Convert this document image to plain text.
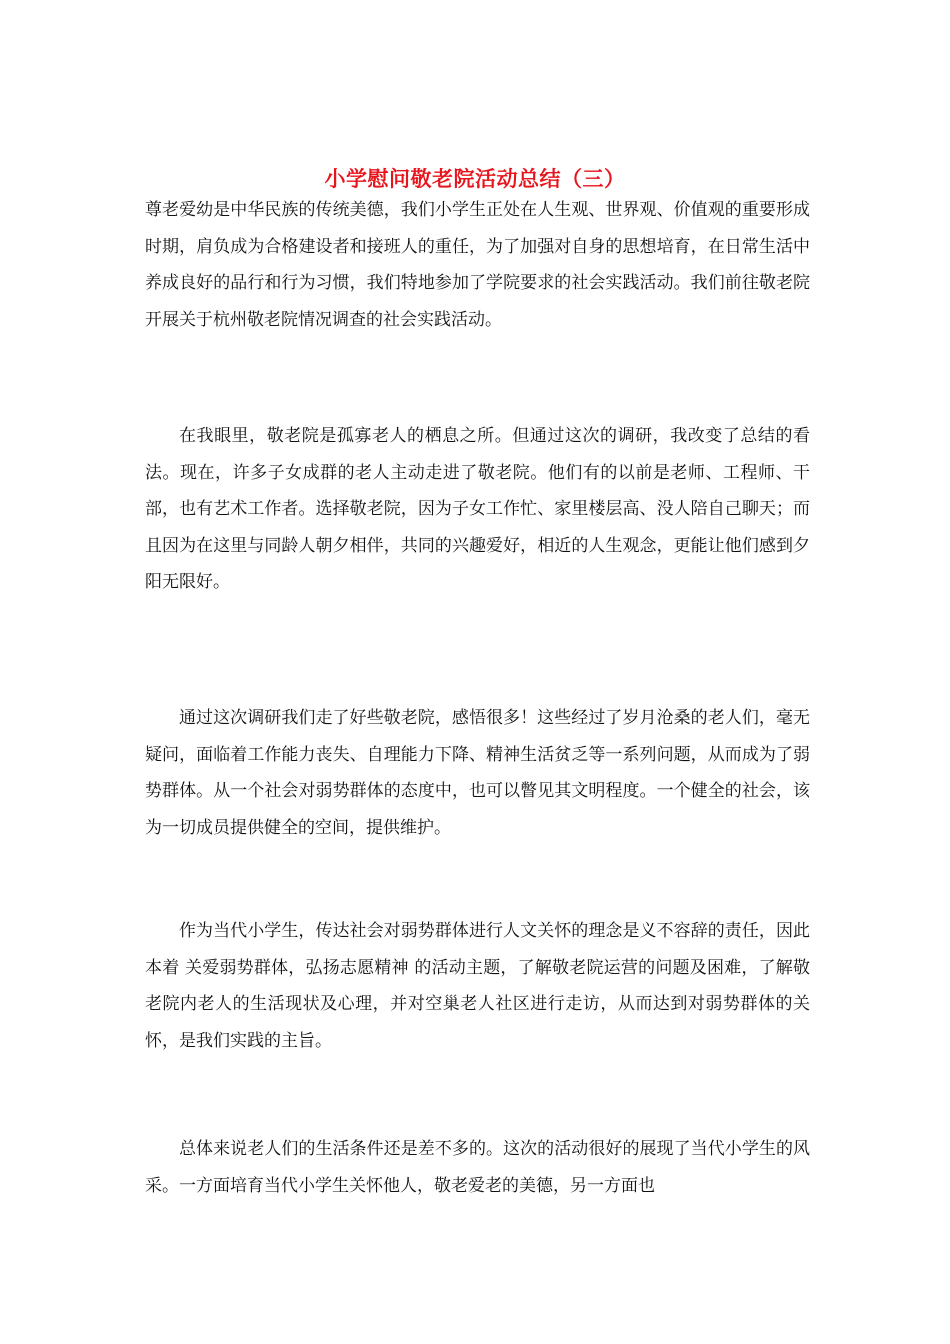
小学慰问敬老院活动总结（三）

尊老爱幼是中华民族的传统美德，我们小学生正处在人生观、世界观、价值观的重要形成时期，肩负成为合格建设者和接班人的重任，为了加强对自身的思想培育，在日常生活中养成良好的品行和行为习惯，我们特地参加了学院要求的社会实践活动。我们前往敬老院开展关于杭州敬老院情况调查的社会实践活动。

在我眼里，敬老院是孤寡老人的栖息之所。但通过这次的调研，我改变了总结的看法。现在，许多子女成群的老人主动走进了敬老院。他们有的以前是老师、工程师、干部，也有艺术工作者。选择敬老院，因为子女工作忙、家里楼层高、没人陪自己聊天；而且因为在这里与同龄人朝夕相伴，共同的兴趣爱好，相近的人生观念，更能让他们感到夕阳无限好。

通过这次调研我们走了好些敬老院，感悟很多！这些经过了岁月沧桑的老人们，毫无疑问，面临着工作能力丧失、自理能力下降、精神生活贫乏等一系列问题，从而成为了弱势群体。从一个社会对弱势群体的态度中，也可以瞥见其文明程度。一个健全的社会，该为一切成员提供健全的空间，提供维护。

作为当代小学生，传达社会对弱势群体进行人文关怀的理念是义不容辞的责任，因此本着 关爱弱势群体，弘扬志愿精神 的活动主题，了解敬老院运营的问题及困难，了解敬老院内老人的生活现状及心理，并对空巢老人社区进行走访，从而达到对弱势群体的关怀，是我们实践的主旨。

总体来说老人们的生活条件还是差不多的。这次的活动很好的展现了当代小学生的风采。一方面培育当代小学生关怀他人，敬老爱老的美德，另一方面也
